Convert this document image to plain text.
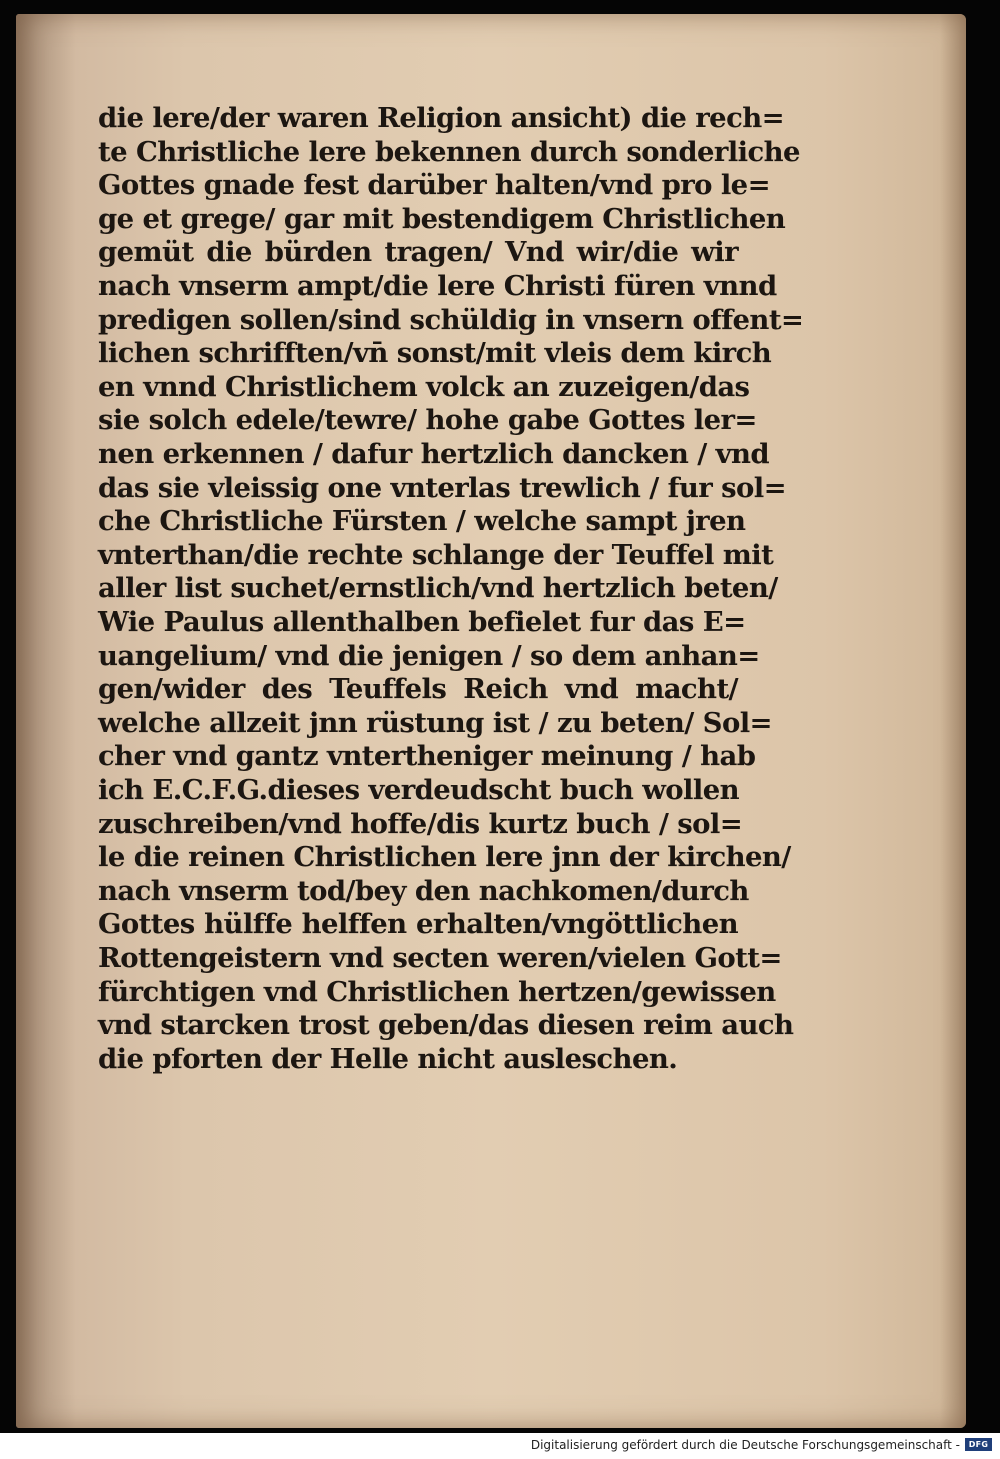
die lere/der waren Religion ansicht) die rech=
te Christliche lere bekennen durch sonderliche
Gottes gnade fest darüber halten/vnd pro le=
ge et grege/ gar mit bestendigem Christlichen
gemüt die bürden tragen/ Vnd wir/die wir
nach vnserm ampt/die lere Christi füren vnnd
predigen sollen/sind schüldig in vnsern offent=
lichen schrifften/vn̄ sonst/mit vleis dem kirch
en vnnd Christlichem volck an zuzeigen/das
sie solch edele/tewre/ hohe gabe Gottes ler=
nen erkennen / dafur hertzlich dancken / vnd
das sie vleissig one vnterlas trewlich / fur sol=
che Christliche Fürsten / welche sampt jren
vnterthan/die rechte schlange der Teuffel mit
aller list suchet/ernstlich/vnd hertzlich beten/
Wie Paulus allenthalben befielet fur das E=
uangelium/ vnd die jenigen / so dem anhan=
gen/wider des Teuffels Reich vnd macht/
welche allzeit jnn rüstung ist / zu beten/ Sol=
cher vnd gantz vntertheniger meinung / hab
ich E.C.F.G.dieses verdeudscht buch wollen
zuschreiben/vnd hoffe/dis kurtz buch / sol=
le die reinen Christlichen lere jnn der kirchen/
nach vnserm tod/bey den nachkomen/durch
Gottes hülffe helffen erhalten/vngöttlichen
Rottengeistern vnd secten weren/vielen Gott=
fürchtigen vnd Christlichen hertzen/gewissen
vnd starcken trost geben/das diesen reim auch
die pforten der Helle nicht ausleschen.
Digitalisierung gefördert durch die Deutsche Forschungsgemeinschaft -	DFG
